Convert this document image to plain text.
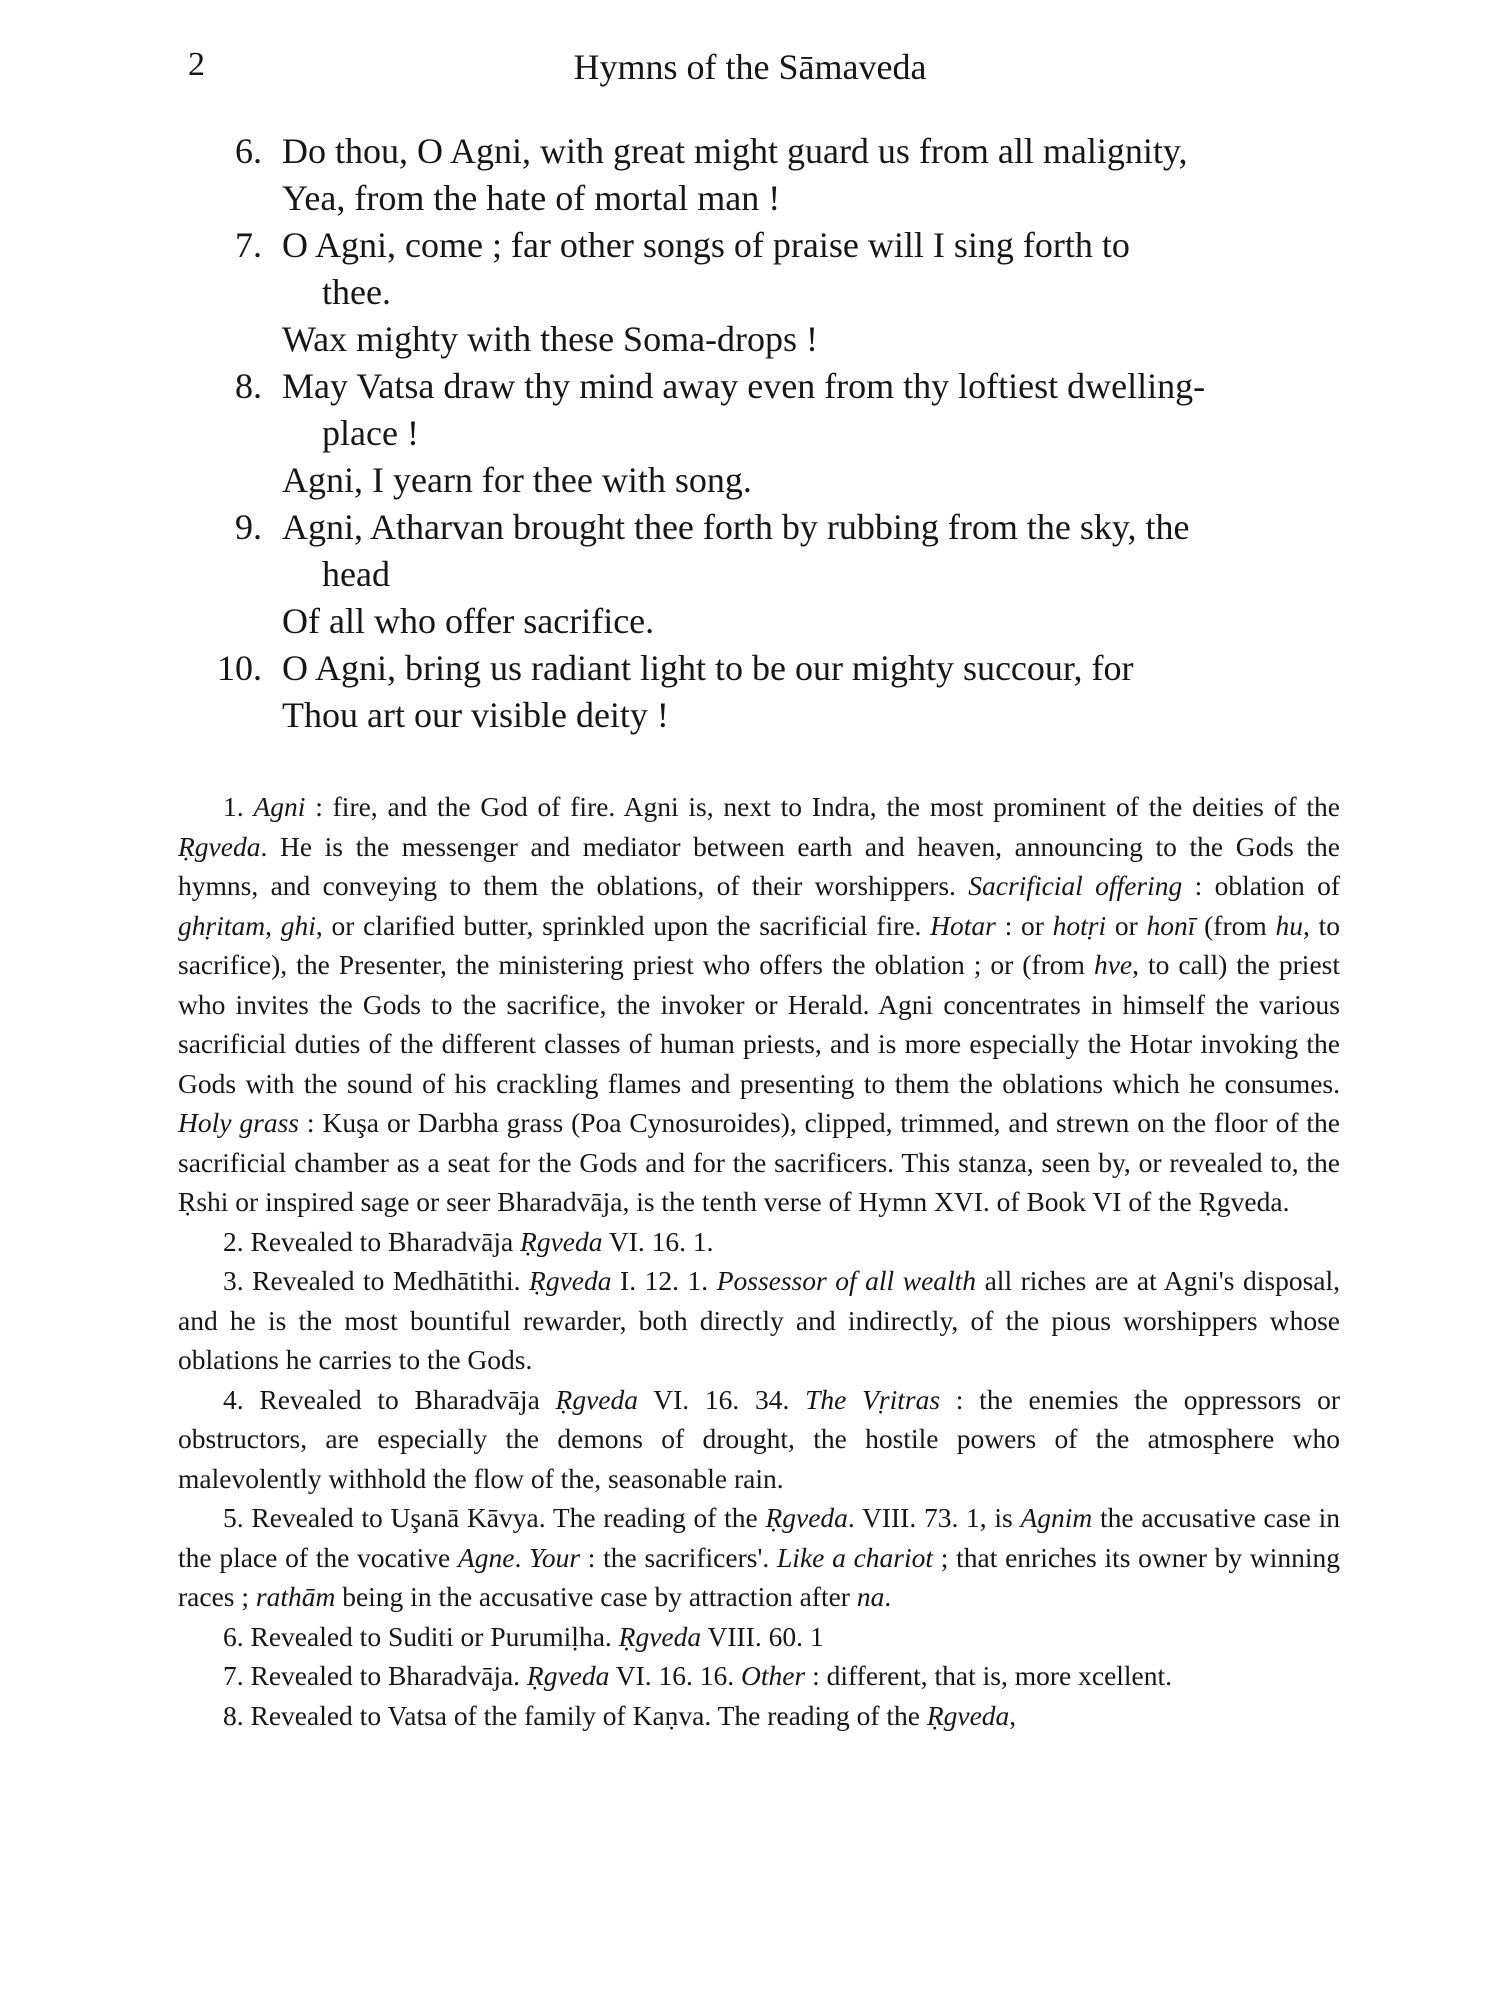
2	Hymns of the Sāmaveda
6. Do thou, O Agni, with great might guard us from all malignity,
Yea, from the hate of mortal man !
7. O Agni, come ; far other songs of praise will I sing forth to
thee.
Wax mighty with these Soma-drops !
8. May Vatsa draw thy mind away even from thy loftiest dwelling-
place !
Agni, I yearn for thee with song.
9. Agni, Atharvan brought thee forth by rubbing from the sky, the
head
Of all who offer sacrifice.
10. O Agni, bring us radiant light to be our mighty succour, for
Thou art our visible deity !

1. Agni : fire, and the God of fire. Agni is, next to Indra, the most prominent of the deities of the Ṛgveda. He is the messenger and mediator between earth and heaven, announcing to the Gods the hymns, and conveying to them the oblations, of their worshippers. Sacrificial offering : oblation of ghṛitam, ghi, or clarified butter, sprinkled upon the sacrificial fire. Hotar : or hotṛi or honī (from hu, to sacrifice), the Presenter, the ministering priest who offers the oblation ; or (from hve, to call) the priest who invites the Gods to the sacrifice, the invoker or Herald. Agni concentrates in himself the various sacrificial duties of the different classes of human priests, and is more especially the Hotar invoking the Gods with the sound of his crackling flames and presenting to them the oblations which he consumes. Holy grass : Kuşa or Darbha grass (Poa Cynosuroides), clipped, trimmed, and strewn on the floor of the sacrificial chamber as a seat for the Gods and for the sacrificers. This stanza, seen by, or revealed to, the Ṛshi or inspired sage or seer Bharadvāja, is the tenth verse of Hymn XVI. of Book VI of the Ṛgveda.

2. Revealed to Bharadvāja Ṛgveda VI. 16. 1.

3. Revealed to Medhātithi. Ṛgveda I. 12. 1. Possessor of all wealth all riches are at Agni's disposal, and he is the most bountiful rewarder, both directly and indirectly, of the pious worshippers whose oblations he carries to the Gods.

4. Revealed to Bharadvāja Ṛgveda VI. 16. 34. The Vṛitras : the enemies the oppressors or obstructors, are especially the demons of drought, the hostile powers of the atmosphere who malevolently withhold the flow of the, seasonable rain.

5. Revealed to Uşanā Kāvya. The reading of the Ṛgveda. VIII. 73. 1, is Agnim the accusative case in the place of the vocative Agne. Your : the sacrificers'. Like a chariot ; that enriches its owner by winning races ; rathām being in the accusative case by attraction after na.

6. Revealed to Suditi or Purumiḷha. Ṛgveda VIII. 60. 1

7. Revealed to Bharadvāja. Ṛgveda VI. 16. 16. Other : different, that is, more xcellent.

8. Revealed to Vatsa of the family of Kaṇva. The reading of the Ṛgveda,
